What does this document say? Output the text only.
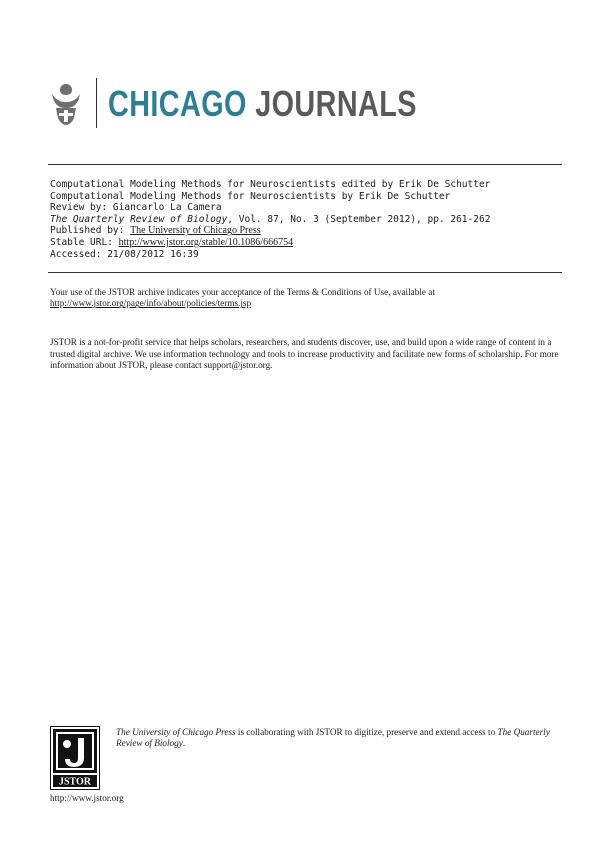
CHICAGO JOURNALS
Computational Modeling Methods for Neuroscientists edited by Erik De Schutter
Computational Modeling Methods for Neuroscientists by Erik De Schutter
Review by: Giancarlo La Camera
The Quarterly Review of Biology, Vol. 87, No. 3 (September 2012), pp. 261-262
Published by: The University of Chicago Press
Stable URL: http://www.jstor.org/stable/10.1086/666754
Accessed: 21/08/2012 16:39
Your use of the JSTOR archive indicates your acceptance of the Terms & Conditions of Use, available at
http://www.jstor.org/page/info/about/policies/terms.jsp
JSTOR is a not-for-profit service that helps scholars, researchers, and students discover, use, and build upon a wide range of content in a trusted digital archive. We use information technology and tools to increase productivity and facilitate new forms of scholarship. For more information about JSTOR, please contact support@jstor.org.
JSTOR
The University of Chicago Press is collaborating with JSTOR to digitize, preserve and extend access to The Quarterly Review of Biology.
http://www.jstor.org
